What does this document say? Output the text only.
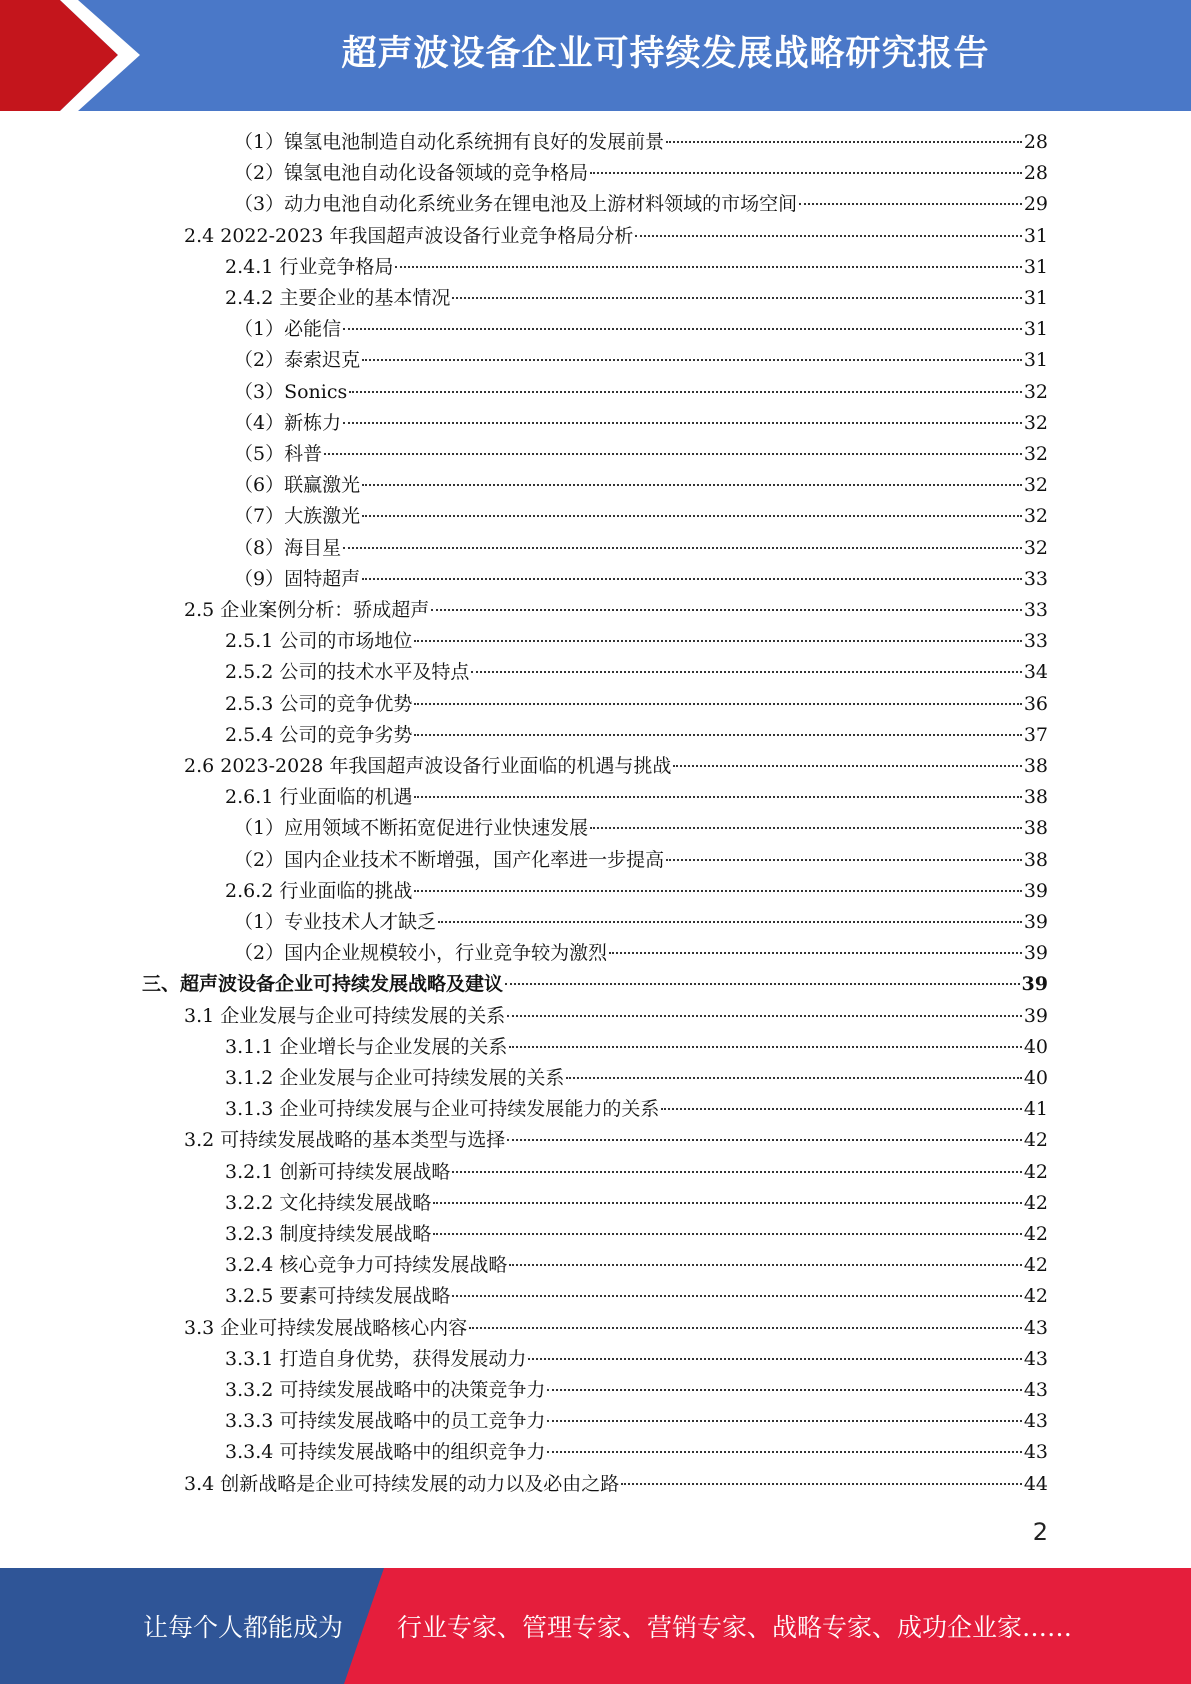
超声波设备企业可持续发展战略研究报告
（1）镍氢电池制造自动化系统拥有良好的发展前景	28
（2）镍氢电池自动化设备领域的竞争格局	28
（3）动力电池自动化系统业务在锂电池及上游材料领域的市场空间	29
2.4 2022-2023 年我国超声波设备行业竞争格局分析	31
2.4.1 行业竞争格局	31
2.4.2 主要企业的基本情况	31
（1）必能信	31
（2）泰索迟克	31
（3）Sonics	32
（4）新栋力	32
（5）科普	32
（6）联赢激光	32
（7）大族激光	32
（8）海目星	32
（9）固特超声	33
2.5 企业案例分析：骄成超声	33
2.5.1 公司的市场地位	33
2.5.2 公司的技术水平及特点	34
2.5.3 公司的竞争优势	36
2.5.4 公司的竞争劣势	37
2.6 2023-2028 年我国超声波设备行业面临的机遇与挑战	38
2.6.1 行业面临的机遇	38
（1）应用领域不断拓宽促进行业快速发展	38
（2）国内企业技术不断增强，国产化率进一步提高	38
2.6.2 行业面临的挑战	39
（1）专业技术人才缺乏	39
（2）国内企业规模较小，行业竞争较为激烈	39
三、超声波设备企业可持续发展战略及建议	39
3.1 企业发展与企业可持续发展的关系	39
3.1.1 企业增长与企业发展的关系	40
3.1.2 企业发展与企业可持续发展的关系	40
3.1.3 企业可持续发展与企业可持续发展能力的关系	41
3.2 可持续发展战略的基本类型与选择	42
3.2.1 创新可持续发展战略	42
3.2.2 文化持续发展战略	42
3.2.3 制度持续发展战略	42
3.2.4 核心竞争力可持续发展战略	42
3.2.5 要素可持续发展战略	42
3.3 企业可持续发展战略核心内容	43
3.3.1 打造自身优势，获得发展动力	43
3.3.2 可持续发展战略中的决策竞争力	43
3.3.3 可持续发展战略中的员工竞争力	43
3.3.4 可持续发展战略中的组织竞争力	43
3.4 创新战略是企业可持续发展的动力以及必由之路	44
2
让每个人都能成为 行业专家、管理专家、营销专家、战略专家、成功企业家……
